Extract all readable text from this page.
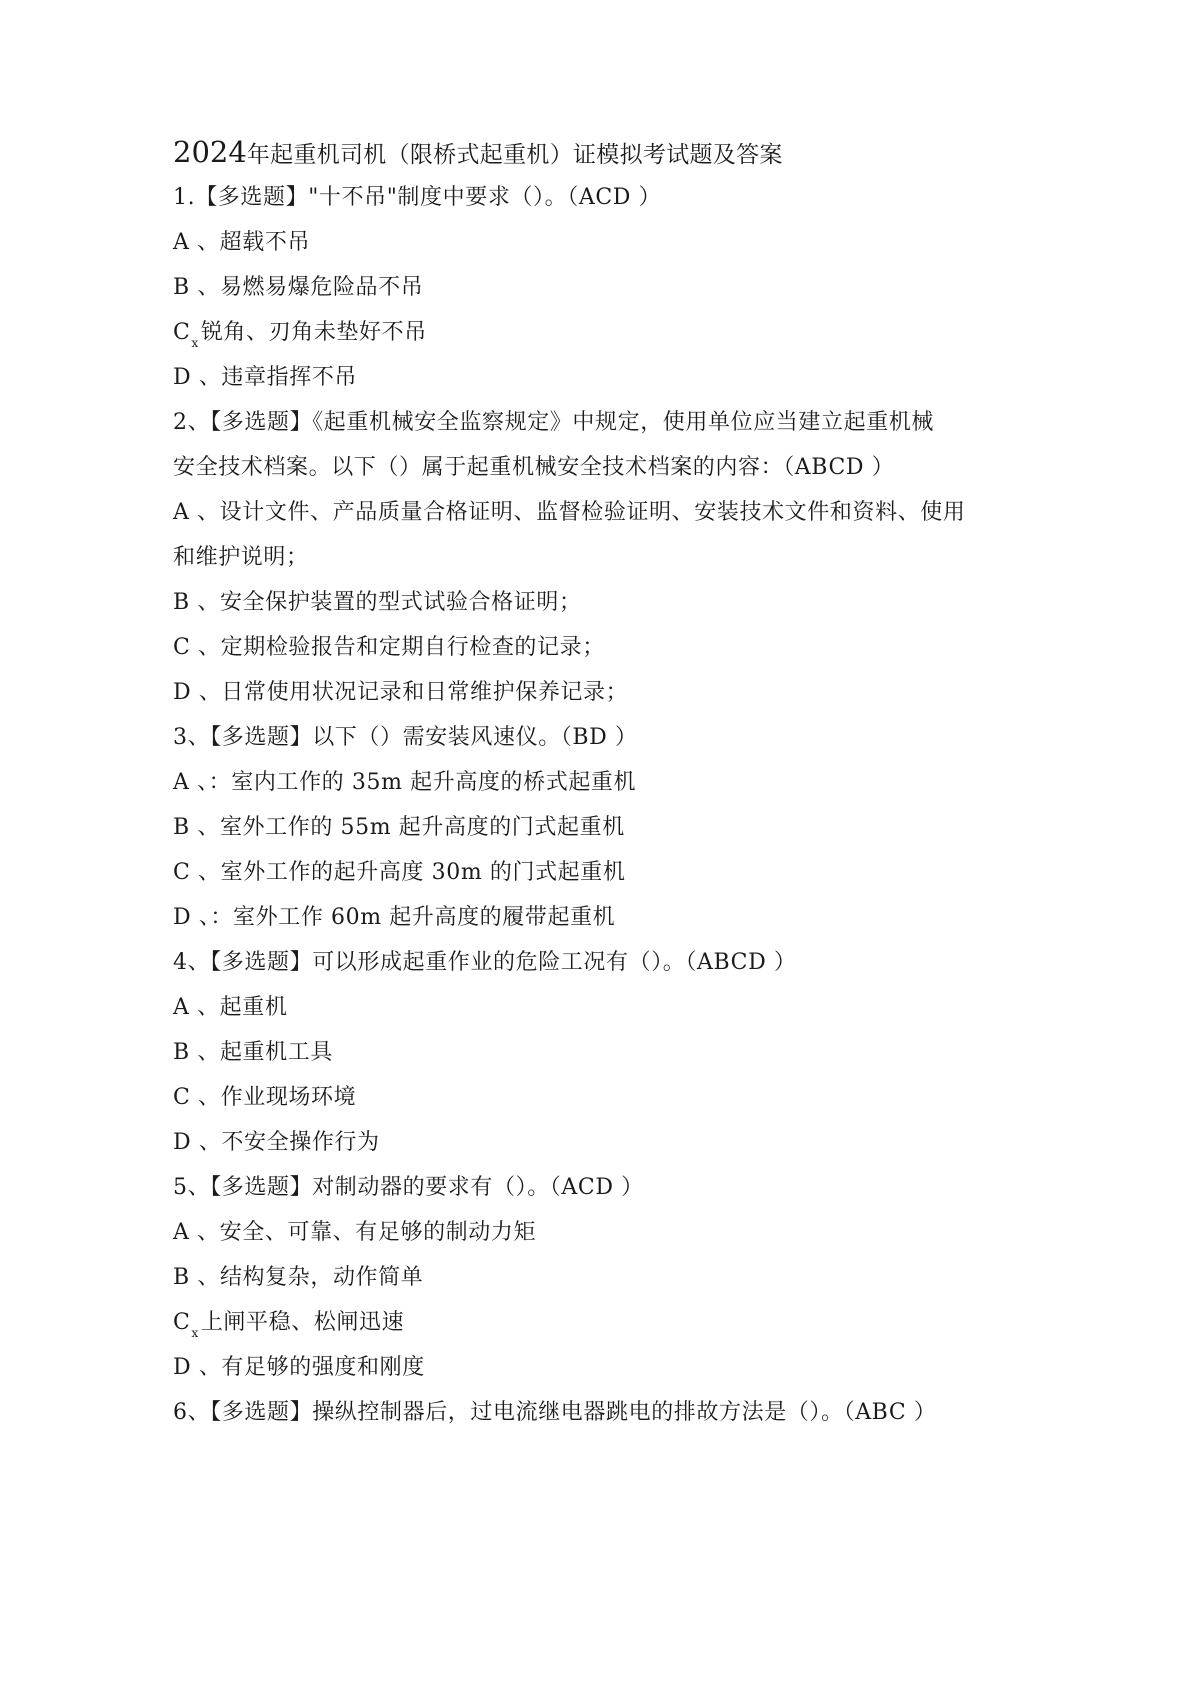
2024年起重机司机（限桥式起重机）证模拟考试题及答案
1.【多选题】"十不吊"制度中要求（）。（ACD ）
A 、超载不吊
B 、易燃易爆危险品不吊
$C_x$锐角、刃角未垫好不吊
D 、违章指挥不吊
2、【多选题】《起重机械安全监察规定》中规定，使用单位应当建立起重机械
安全技术档案。以下（）属于起重机械安全技术档案的内容：（ABCD ）
A 、设计文件、产品质量合格证明、监督检验证明、安装技术文件和资料、使用
和维护说明；
B 、安全保护装置的型式试验合格证明；
C 、定期检验报告和定期自行检查的记录；
D 、日常使用状况记录和日常维护保养记录；
3、【多选题】以下（）需安装风速仪。（BD ）
A 、：室内工作的 35m 起升高度的桥式起重机
B 、室外工作的 55m 起升高度的门式起重机
C 、室外工作的起升高度 30m 的门式起重机
D 、：室外工作 60m 起升高度的履带起重机
4、【多选题】可以形成起重作业的危险工况有（）。（ABCD ）
A 、起重机
B 、起重机工具
C 、作业现场环境
D 、不安全操作行为
5、【多选题】对制动器的要求有（）。（ACD ）
A 、安全、可靠、有足够的制动力矩
B 、结构复杂，动作简单
$C_x$上闸平稳、松闸迅速
D 、有足够的强度和刚度
6、【多选题】操纵控制器后，过电流继电器跳电的排故方法是（）。（ABC ）
